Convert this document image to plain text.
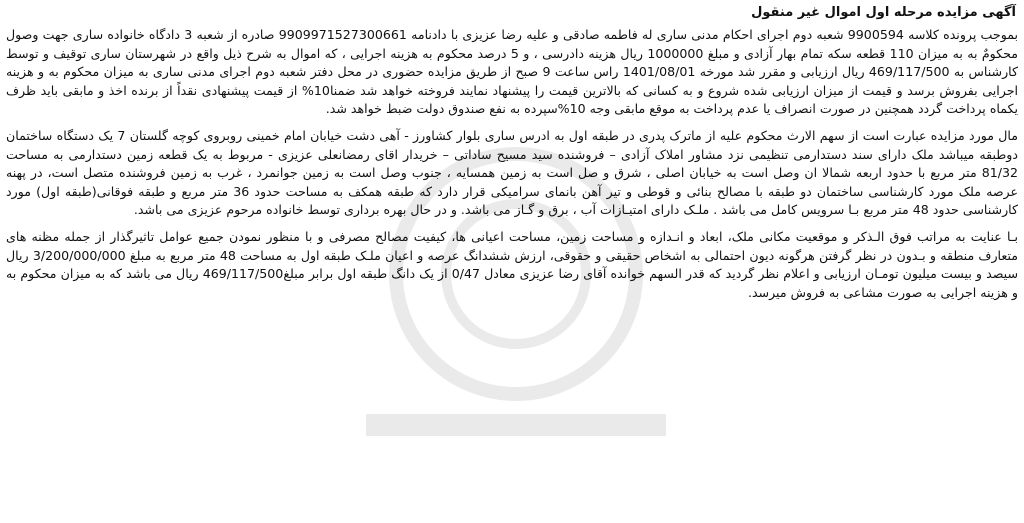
آگهی مزایده مرحله اول اموال غیر منقول

بموجب پرونده کلاسه 9900594 شعبه دوم اجرای احکام مدنی ساری له فاطمه صادقی و علیه رضا عزیزی با دادنامه 9909971527300661 صادره از شعبه 3 دادگاه خانواده ساری جهت وصول محکومٌ به به میزان 110 قطعه سکه تمام بهار آزادی و مبلغ 1000000 ریال هزینه دادرسی ، و 5 درصد محکوم به هزینه اجرایی ، که اموال به شرح ذیل واقع در شهرستان ساری توقیف و توسط کارشناس به 469/117/500 ریال ارزیابی و مقرر شد مورخه 1401/08/01 راس ساعت 9 صبح از طریق مزایده حضوری در محل دفتر شعبه دوم اجرای مدنی ساری به میزان محکوم به و هزینه اجرایی بفروش برسد و قیمت از میزان ارزیابی شده شروع و به کسانی که بالاترین قیمت را پیشنهاد نمایند فروخته خواهد شد ضمنا10% از قیمت پیشنهادی نقداً از برنده اخذ و مابقی باید ظرف یکماه پرداخت گردد همچنین در صورت انصراف یا عدم پرداخت به موقع مابقی وجه 10%سپرده به نفع صندوق دولت ضبط خواهد شد.

مال مورد مزایده عبارت است از سهم الارث محکوم علیه از ماترک پدری در طبقه اول به ادرس ساری بلوار کشاورز - آهی دشت خیابان امام خمینی روبروی کوچه گلستان 7 یک دستگاه ساختمان دوطبقه میباشد ملک دارای سند دستدارمی تنظیمی نزد مشاور املاک آزادی – فروشنده سید مسیح ساداتی – خریدار اقای رمضانعلی عزیزی - مربوط به یک قطعه زمین دستدارمی به مساحت 81/32 متر مربع با حدود اربعه شمالا ان وصل است به خیابان اصلی ، شرق و صل است به زمین همسایه ، جنوب وصل است به زمین جوانمرد ، غرب به زمین فروشنده متصل است، در پهنه عرصه ملک مورد کارشناسی ساختمان دو طبقه با مصالح بنائی و قوطی و تیر آهن بانمای سرامیکی قرار دارد که طبقه همکف به مساحت حدود 36 متر مربع و طبقه فوقانی(طبقه اول) مورد کارشناسی حدود 48 متر مربع بـا سرویس کامل می باشد . ملـک دارای امتیـازات آب ، برق و گـاز می باشد. و در حال بهره برداری توسط خانواده مرحوم عزیزی می باشد.

بـا عنایت به مراتب فوق الـذکر و موقعیت مکانی ملک، ابعاد و انـدازه و مساحت زمین، مساحت اعیانی ها، کیفیت مصالح مصرفی و با منظور نمودن جمیع عوامل تاثیرگذار از جمله مظنه های متعارف منطقه و بـدون در نظر گرفتن هرگونه دیون احتمالی به اشخاص حقیقی و حقوقی، ارزش ششدانگ عرصه و اعیان ملـک طبقه اول به مساحت 48 متر مربع به مبلغ 3/200/000/000 ریال سیصد و بیست میلیون تومـان ارزیابی و اعلام نظر گردید که قدر السهم خوانده آقای رضا عزیزی معادل 0/47 از یک دانگ طبقه اول برابر مبلغ469/117/500 ریال می باشد که به میزان محکوم به و هزینه اجرایی به صورت مشاعی به فروش میرسد.
